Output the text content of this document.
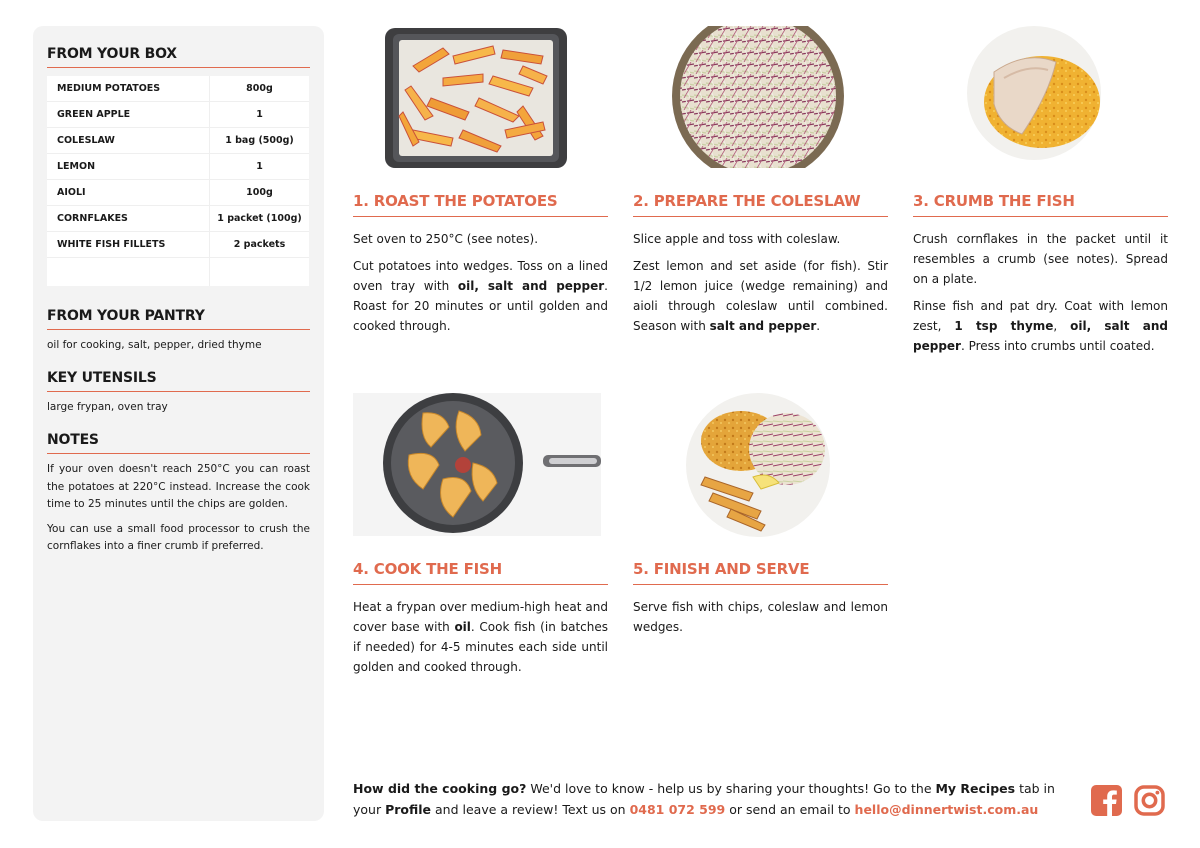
FROM YOUR BOX
MEDIUM POTATOES	800g
GREEN APPLE	1
COLESLAW	1 bag (500g)
LEMON	1
AIOLI	100g
CORNFLAKES	1 packet (100g)
WHITE FISH FILLETS	2 packets
FROM YOUR PANTRY
oil for cooking, salt, pepper, dried thyme
KEY UTENSILS
large frypan, oven tray
NOTES

If your oven doesn't reach 250°C you can roast the potatoes at 220°C instead. Increase the cook time to 25 minutes until the chips are golden.

You can use a small food processor to crush the cornflakes into a finer crumb if preferred.

1. ROAST THE POTATOES

Set oven to 250°C (see notes).

Cut potatoes into wedges. Toss on a lined oven tray with oil, salt and pepper. Roast for 20 minutes or until golden and cooked through.

2. PREPARE THE COLESLAW

Slice apple and toss with coleslaw.

Zest lemon and set aside (for fish). Stir 1/2 lemon juice (wedge remaining) and aioli through coleslaw until combined. Season with salt and pepper.

3. CRUMB THE FISH

Crush cornflakes in the packet until it resembles a crumb (see notes). Spread on a plate.

Rinse fish and pat dry. Coat with lemon zest, 1 tsp thyme, oil, salt and pepper. Press into crumbs until coated.

4. COOK THE FISH

Heat a frypan over medium-high heat and cover base with oil. Cook fish (in batches if needed) for 4-5 minutes each side until golden and cooked through.

5. FINISH AND SERVE

Serve fish with chips, coleslaw and lemon wedges.

How did the cooking go? We'd love to know - help us by sharing your thoughts! Go to the My Recipes tab in your Profile and leave a review! Text us on 0481 072 599 or send an email to hello@dinnertwist.com.au
